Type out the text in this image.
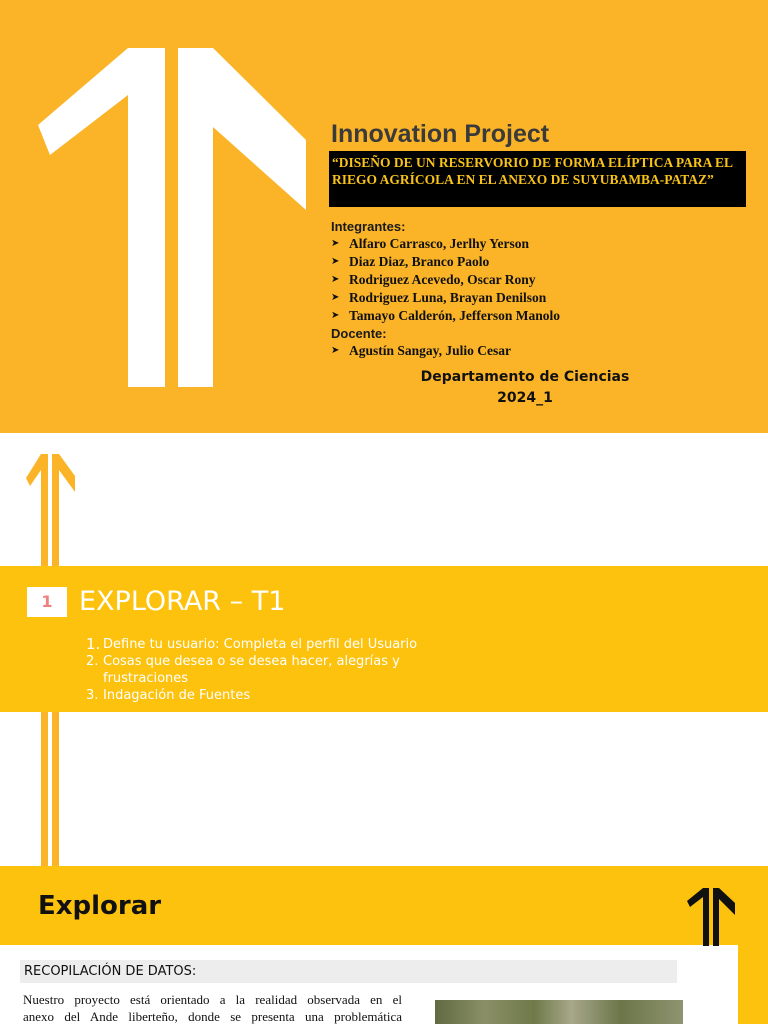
Innovation Project
“DISEÑO DE UN RESERVORIO DE FORMA ELÍPTICA PARA EL RIEGO AGRÍCOLA EN EL ANEXO DE SUYUBAMBA-PATAZ”
Integrantes:
➤ Alfaro Carrasco, Jerlhy Yerson
➤ Diaz Diaz, Branco Paolo
➤ Rodriguez Acevedo, Oscar Rony
➤ Rodriguez Luna, Brayan Denilson
➤ Tamayo Calderón, Jefferson Manolo
Docente:
➤ Agustín Sangay, Julio Cesar
Departamento de Ciencias
2024_1
1 EXPLORAR – T1
1. Define tu usuario: Completa el perfil del Usuario
2. Cosas que desea o se desea hacer, alegrías y frustraciones
3. Indagación de Fuentes
Explorar
RECOPILACIÓN DE DATOS:
Nuestro proyecto está orientado a la realidad observada en el
anexo del Ande liberteño, donde se presenta una problemática
